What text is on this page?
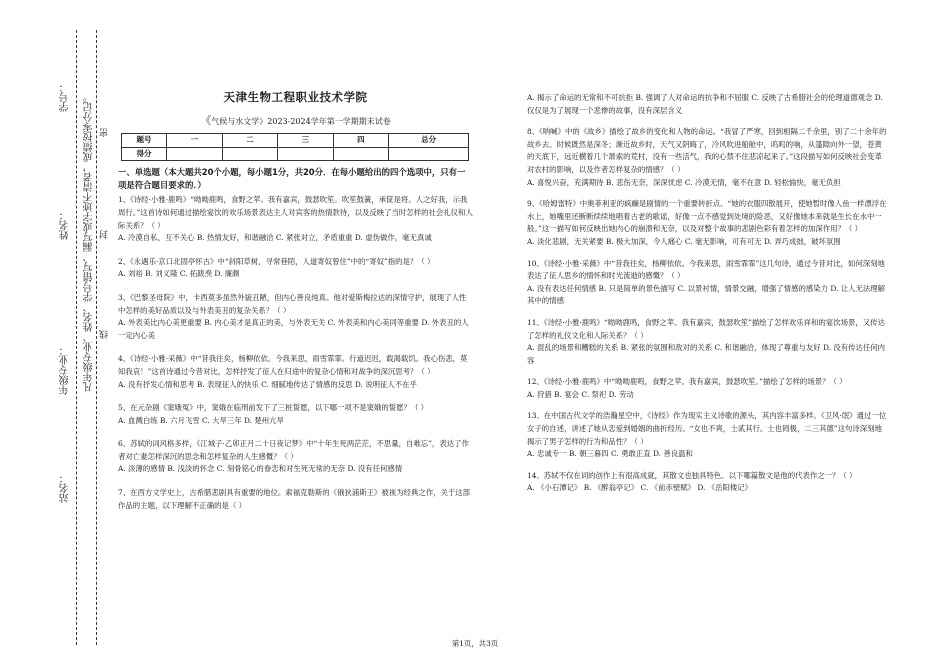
学号：
姓名：
年级专业：
站名：
凡年级专业、姓名、学号错写、漏写或字迹不清者，成绩按零分记。 密
封
线
天津生物工程职业技术学院
《气候与水文学》2023-2024学年第一学期期末试卷
题号	一	二	三	四	总分
得分					
一、单选题（本大题共20个小题，每小题1分，共20分．在每小题给出的四个选项中，只有一项是符合题目要求的．）

1、《诗经·小雅·鹿鸣》“呦呦鹿鸣，食野之苹。我有嘉宾，鼓瑟吹笙。吹笙鼓簧，承筐是将。人之好我，示我周行。”这首诗如何通过描绘宴饮的欢乐场景表达主人对宾客的热情款待，以及反映了当时怎样的社会礼仪和人际关系？（ ）

A. 冷漠自私，互不关心 B. 热情友好，和谐融洽 C. 紧张对立，矛盾重重 D. 虚伪做作，毫无真诚

2、《永遇乐·京口北固亭怀古》中“斜阳草树，寻常巷陌，人道寄奴曾住”中的“寄奴”指的是？（ ）

A. 刘裕 B. 刘义隆 C. 拓跋焘 D. 廉颇

3、《巴黎圣母院》中，卡西莫多虽然外貌丑陋，但内心善良纯真。他对爱斯梅拉达的深情守护，展现了人性中怎样的美好品质以及与外表美丑的复杂关系？（ ）

A. 外表美比内心美更重要 B. 内心美才是真正的美，与外表无关 C. 外表美和内心美同等重要 D. 外表丑的人一定内心美

4、《诗经·小雅·采薇》中“昔我往矣，杨柳依依。今我来思，雨雪霏霏。行道迟迟，载渴载饥。我心伤悲，莫知我哀！”这首诗通过今昔对比，怎样抒发了征人在归途中的复杂心情和对战争的深沉思考？（ ）

A. 没有抒发心情和思考 B. 表现征人的快乐 C. 细腻地传达了情感的反思 D. 说明征人不在乎

5、在元杂剧《窦娥冤》中，窦娥在临刑前发下了三桩誓愿，以下哪一项不是窦娥的誓愿？（ ）

A. 血溅白练 B. 六月飞雪 C. 大旱三年 D. 楚州亢旱

6、苏轼的词风格多样，《江城子·乙卯正月二十日夜记梦》中“十年生死两茫茫，不思量，自难忘”，表达了作者对亡妻怎样深沉的思念和怎样复杂的人生感慨？（ ）

A. 淡薄的感情 B. 浅淡的怀念 C. 刻骨铭心的眷恋和对生死无常的无奈 D. 没有任何感情

7、在西方文学史上，古希腊悲剧具有重要的地位。索福克勒斯的《俄狄浦斯王》被视为经典之作，关于这部作品的主题，以下理解不正确的是（ ）

A. 揭示了命运的无常和不可抗拒 B. 强调了人对命运的抗争和不屈服 C. 反映了古希腊社会的伦理道德观念 D. 仅仅是为了展现一个悲惨的故事，没有深层含义

8、《呐喊》中的《故乡》描绘了故乡的变化和人物的命运。“我冒了严寒，回到相隔二千余里，别了二十余年的故乡去。时候既然是深冬；渐近故乡时，天气又阴晦了，冷风吹进船舱中，呜呜的响，从篷隙向外一望，苍黄的天底下，远近横着几个萧索的荒村，没有一些活气，我的心禁不住悲凉起来了。”这段描写如何反映社会变革对农村的影响，以及作者怎样复杂的情感？（ ）

A. 喜悦兴奋，充满期待 B. 悲伤无奈，深深忧虑 C. 冷漠无情，毫不在意 D. 轻松愉快，毫无负担

9、《哈姆雷特》中奥菲利亚的疯癫是剧情的一个重要转折点。“她的衣服四散展开，使她暂时像人鱼一样漂浮在水上，她嘴里还断断续续地唱着古老的歌谣，好像一点不感觉到处境的险恶，又好像她本来就是生长在水中一般。”这一描写如何反映出她内心的崩溃和无奈，以及对整个故事的悲剧色彩有着怎样的加深作用？（ ）

A. 淡化悲剧，无关紧要 B. 极大加深，令人痛心 C. 毫无影响，可有可无 D. 弄巧成拙，破坏氛围

10、《诗经·小雅·采薇》中“昔我往矣，杨柳依依。今我来思，雨雪霏霏”这几句诗，通过今昔对比，如何深刻地表达了征人思乡的情怀和时光流逝的感慨？（ ）

A. 没有表达任何情感 B. 只是简单的景色描写 C. 以景衬情，情景交融，增强了情感的感染力 D. 让人无法理解其中的情感

11、《诗经·小雅·鹿鸣》“呦呦鹿鸣，食野之苹。我有嘉宾，鼓瑟吹笙”描绘了怎样欢乐祥和的宴饮场景，又传达了怎样的礼仪文化和人际关系？（ ）

A. 混乱的场景和糟糕的关系 B. 紧张的氛围和敌对的关系 C. 和谐融洽，体现了尊重与友好 D. 没有传达任何内容

12、《诗经·小雅·鹿鸣》中“呦呦鹿鸣，食野之苹。我有嘉宾，鼓瑟吹笙。”描绘了怎样的场景？（ ）

A. 狩猎 B. 宴会 C. 祭祀 D. 劳动

13、在中国古代文学的浩瀚星空中，《诗经》作为现实主义诗歌的源头，其内容丰富多样。《卫风·氓》通过一位女子的自述，讲述了她从恋爱到婚姻的曲折经历。“女也不爽，士贰其行。士也罔极，二三其德”这句诗深刻地揭示了男子怎样的行为和品性？（ ）

A. 忠诚专一 B. 朝三暮四 C. 勇敢正直 D. 善良温和

14、苏轼不仅在词的创作上有很高成就，其散文也独具特色。以下哪篇散文是他的代表作之一？（ ）

A. 《小石潭记》 B. 《醉翁亭记》 C. 《前赤壁赋》 D. 《岳阳楼记》

第1页，共3页
